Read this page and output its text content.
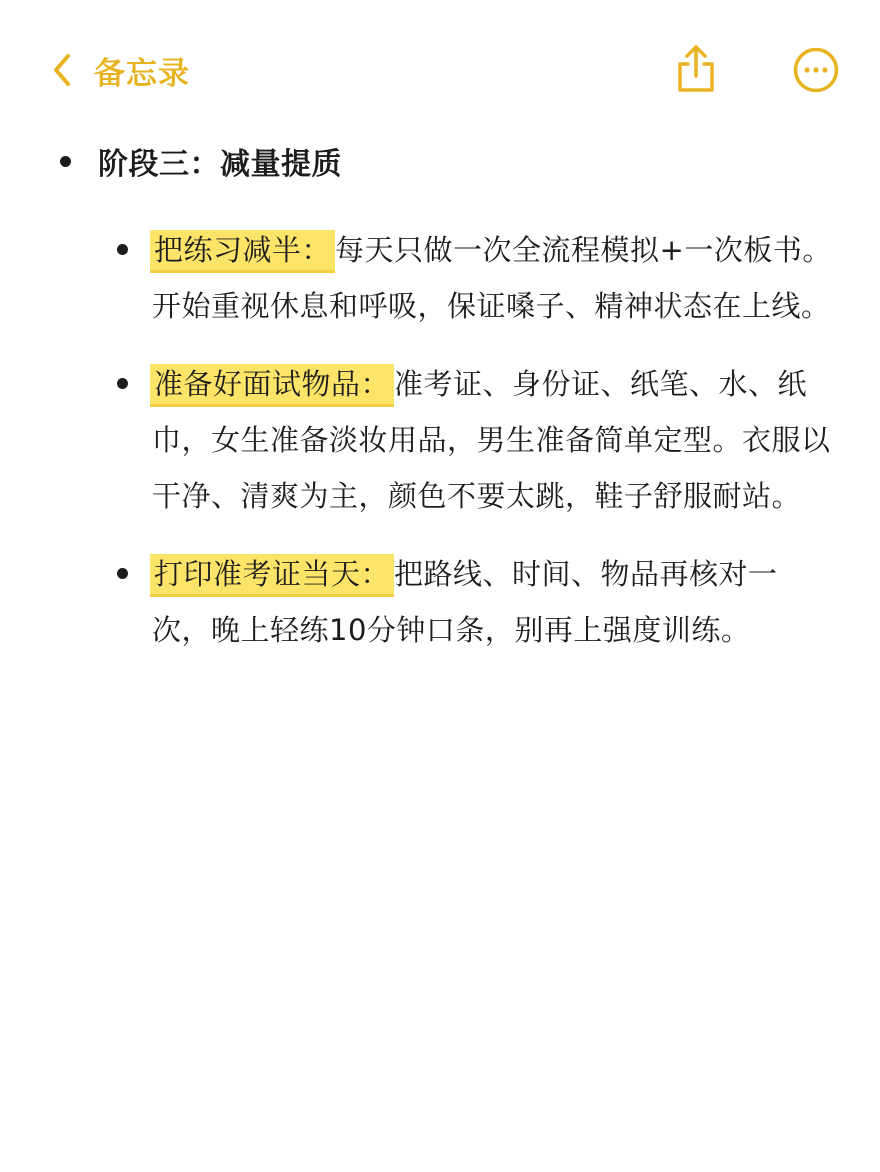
备忘录
阶段三：减量提质
把练习减半： 每天只做一次全流程模拟+一次板书。开始重视休息和呼吸，保证嗓子、精神状态在上线。
准备好面试物品： 准考证、身份证、纸笔、水、纸巾，女生准备淡妆用品，男生准备简单定型。衣服以干净、清爽为主，颜色不要太跳，鞋子舒服耐站。
打印准考证当天： 把路线、时间、物品再核对一次，晚上轻练10分钟口条，别再上强度训练。
